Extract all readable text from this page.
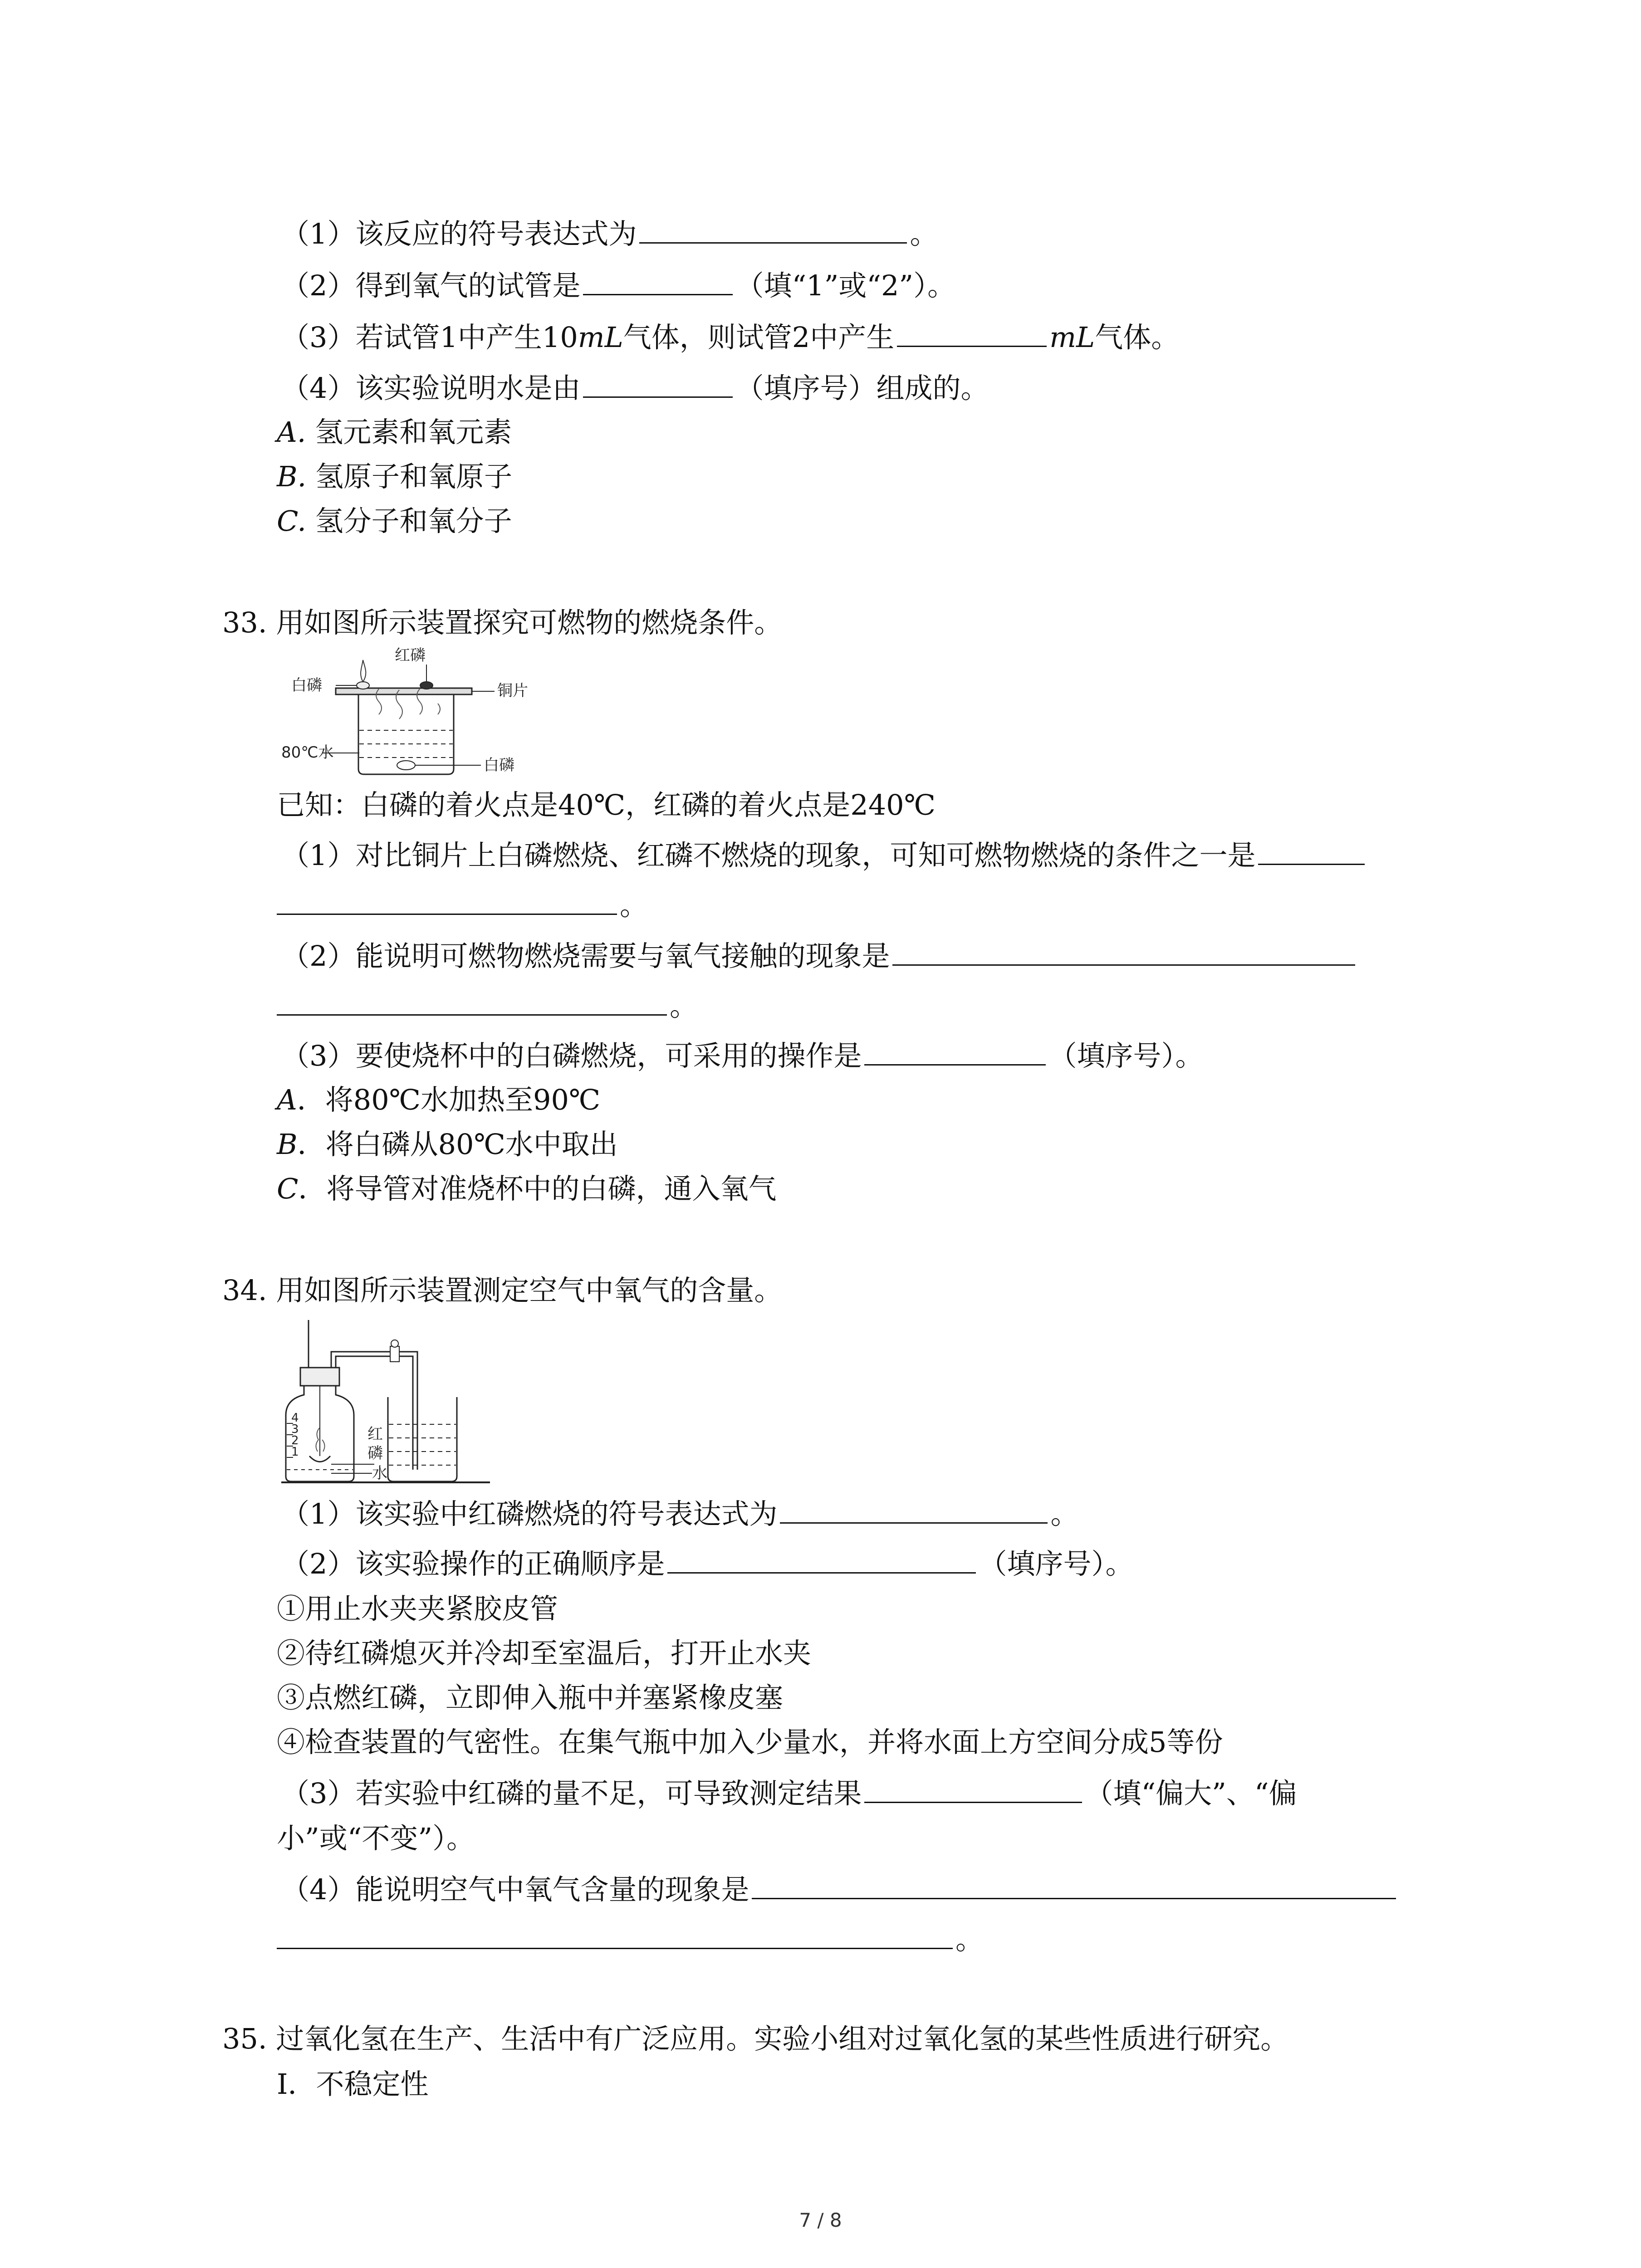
（1）该反应的符号表达式为	。
（2）得到氧气的试管是	（填“1”或“2”）。
（3）若试管1中产生10mL气体，则试管2中产生	mL气体。
（4）该实验说明水是由	（填序号）组成的。
A. 氢元素和氧元素
B. 氢原子和氧原子
C. 氢分子和氧分子
33. 用如图所示装置探究可燃物的燃烧条件。
红磷
白磷	铜片
80℃水
白磷
已知：白磷的着火点是40℃，红磷的着火点是240℃
（1）对比铜片上白磷燃烧、红磷不燃烧的现象，可知可燃物燃烧的条件之一是
。
（2）能说明可燃物燃烧需要与氧气接触的现象是
。
（3）要使烧杯中的白磷燃烧，可采用的操作是	（填序号）。
A．将80℃水加热至90℃
B．将白磷从80℃水中取出
C．将导管对准烧杯中的白磷，通入氧气
34. 用如图所示装置测定空气中氧气的含量。
4
3
2
1
红
磷
水
（1）该实验中红磷燃烧的符号表达式为	。
（2）该实验操作的正确顺序是	（填序号）。
①用止水夹夹紧胶皮管
②待红磷熄灭并冷却至室温后，打开止水夹
③点燃红磷，立即伸入瓶中并塞紧橡皮塞
④检查装置的气密性。在集气瓶中加入少量水，并将水面上方空间分成5等份
（3）若实验中红磷的量不足，可导致测定结果	（填“偏大”、“偏
小”或“不变”）。
（4）能说明空气中氧气含量的现象是
。
35. 过氧化氢在生产、生活中有广泛应用。实验小组对过氧化氢的某些性质进行研究。
Ⅰ．不稳定性
7 / 8
